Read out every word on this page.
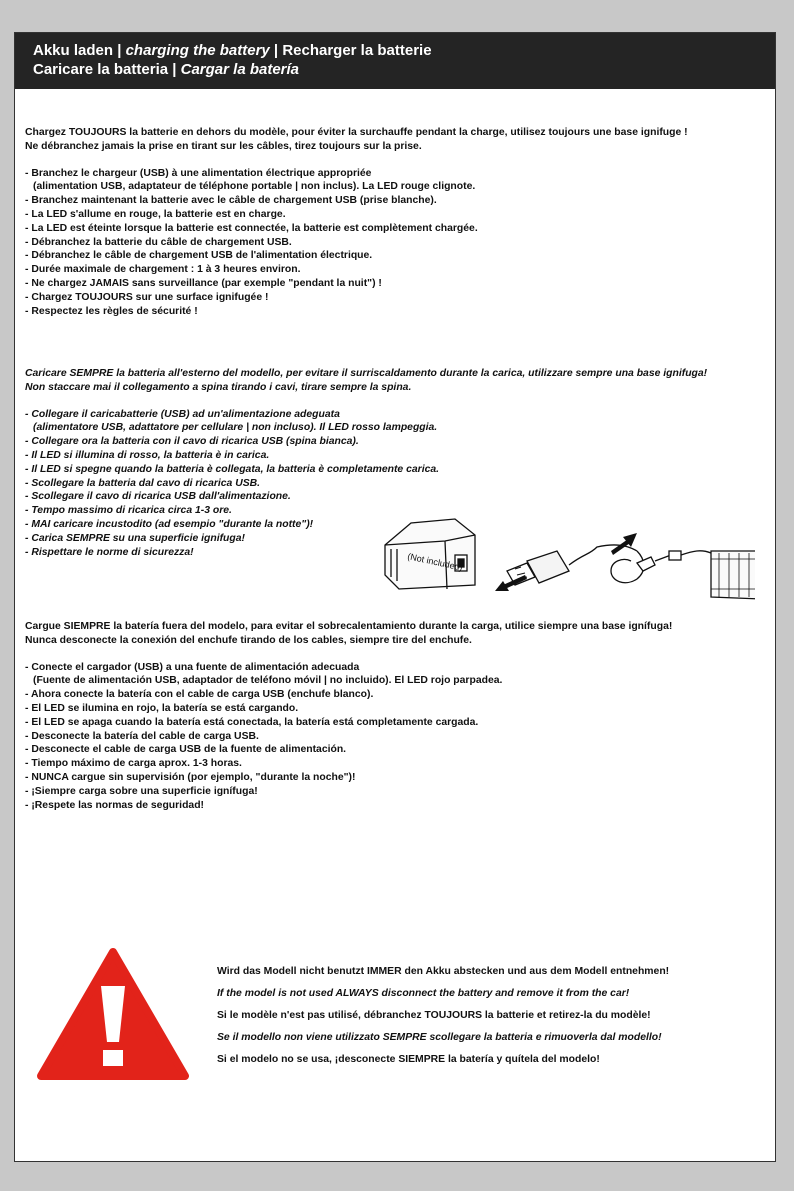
Akku laden | charging the battery | Recharger la batterie
Caricare la batteria | Cargar la batería

Chargez TOUJOURS la batterie en dehors du modèle, pour éviter la surchauffe pendant la charge, utilisez toujours une base ignifuge !

Ne débranchez jamais la prise en tirant sur les câbles, tirez toujours sur la prise.

- Branchez le chargeur (USB) à une alimentation électrique appropriée

(alimentation USB, adaptateur de téléphone portable | non inclus). La LED rouge clignote.

- Branchez maintenant la batterie avec le câble de chargement USB (prise blanche).

- La LED s'allume en rouge, la batterie est en charge.

- La LED est éteinte lorsque la batterie est connectée, la batterie est complètement chargée.

- Débranchez la batterie du câble de chargement USB.

- Débranchez le câble de chargement USB de l'alimentation électrique.

- Durée maximale de chargement : 1 à 3 heures environ.

- Ne chargez JAMAIS sans surveillance (par exemple "pendant la nuit") !

- Chargez TOUJOURS sur une surface ignifugée !

- Respectez les règles de sécurité !

Caricare SEMPRE la batteria all'esterno del modello, per evitare il surriscaldamento durante la carica, utilizzare sempre una base ignifuga!

Non staccare mai il collegamento a spina tirando i cavi, tirare sempre la spina.

- Collegare il caricabatterie (USB) ad un'alimentazione adeguata

(alimentatore USB, adattatore per cellulare | non incluso). Il LED rosso lampeggia.

- Collegare ora la batteria con il cavo di ricarica USB (spina bianca).

- Il LED si illumina di rosso, la batteria è in carica.

- Il LED si spegne quando la batteria è collegata, la batteria è completamente carica.

- Scollegare la batteria dal cavo di ricarica USB.

- Scollegare il cavo di ricarica USB dall'alimentazione.

- Tempo massimo di ricarica circa 1-3 ore.

- MAI caricare incustodito (ad esempio "durante la notte")!

- Carica SEMPRE su una superficie ignifuga!

- Rispettare le norme di sicurezza!	(Not included)

Cargue SIEMPRE la batería fuera del modelo, para evitar el sobrecalentamiento durante la carga, utilice siempre una base ignífuga!

Nunca desconecte la conexión del enchufe tirando de los cables, siempre tire del enchufe.

- Conecte el cargador (USB) a una fuente de alimentación adecuada

(Fuente de alimentación USB, adaptador de teléfono móvil | no incluido). El LED rojo parpadea.

- Ahora conecte la batería con el cable de carga USB (enchufe blanco).

- El LED se ilumina en rojo, la batería se está cargando.

- El LED se apaga cuando la batería está conectada, la batería está completamente cargada.

- Desconecte la batería del cable de carga USB.

- Desconecte el cable de carga USB de la fuente de alimentación.

- Tiempo máximo de carga aprox. 1-3 horas.

- NUNCA cargue sin supervisión (por ejemplo, "durante la noche")!

- ¡Siempre carga sobre una superficie ignífuga!

- ¡Respete las normas de seguridad!

Wird das Modell nicht benutzt IMMER den Akku abstecken und aus dem Modell entnehmen!

If the model is not used ALWAYS disconnect the battery and remove it from the car!

Si le modèle n'est pas utilisé, débranchez TOUJOURS la batterie et retirez-la du modèle!

Se il modello non viene utilizzato SEMPRE scollegare la batteria e rimuoverla dal modello!

Si el modelo no se usa, ¡desconecte SIEMPRE la batería y quítela del modelo!
